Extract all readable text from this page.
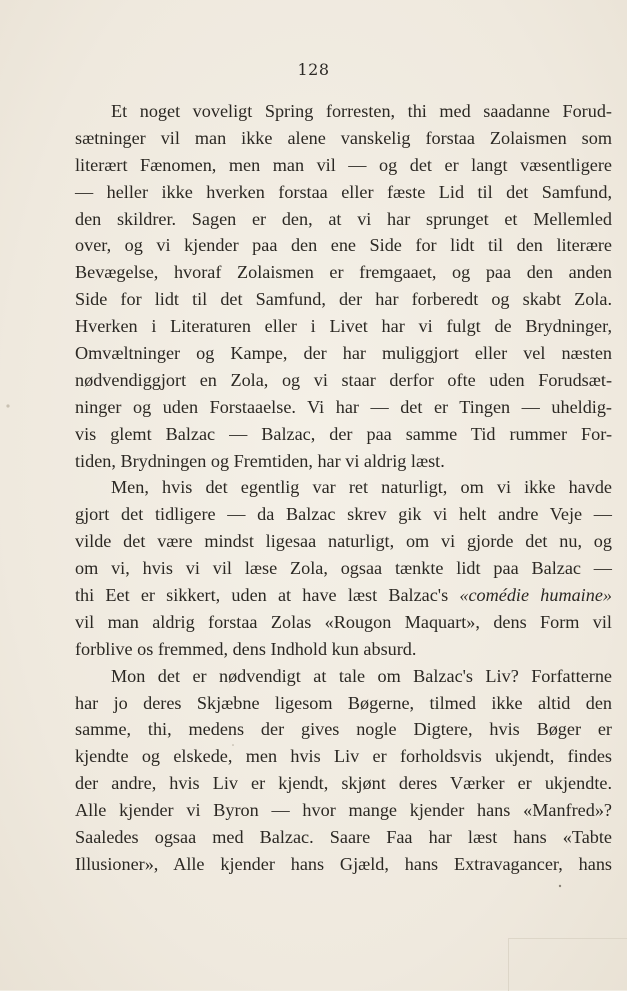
128

Et noget voveligt Spring forresten, thi med saadanne Forud-
sætninger vil man ikke alene vanskelig forstaa Zolaismen som
literært Fænomen, men man vil — og det er langt væsentligere
— heller ikke hverken forstaa eller fæste Lid til det Samfund,
den skildrer. Sagen er den, at vi har sprunget et Mellemled
over, og vi kjender paa den ene Side for lidt til den literære
Bevægelse, hvoraf Zolaismen er fremgaaet, og paa den anden
Side for lidt til det Samfund, der har forberedt og skabt Zola.
Hverken i Literaturen eller i Livet har vi fulgt de Brydninger,
Omvæltninger og Kampe, der har muliggjort eller vel næsten
nødvendiggjort en Zola, og vi staar derfor ofte uden Forudsæt-
ninger og uden Forstaaelse. Vi har — det er Tingen — uheldig-
vis glemt Balzac — Balzac, der paa samme Tid rummer For-
tiden, Brydningen og Fremtiden, har vi aldrig læst.

Men, hvis det egentlig var ret naturligt, om vi ikke havde
gjort det tidligere — da Balzac skrev gik vi helt andre Veje —
vilde det være mindst ligesaa naturligt, om vi gjorde det nu, og
om vi, hvis vi vil læse Zola, ogsaa tænkte lidt paa Balzac —
thi Eet er sikkert, uden at have læst Balzac's «comédie humaine»
vil man aldrig forstaa Zolas «Rougon Maquart», dens Form vil
forblive os fremmed, dens Indhold kun absurd.

Mon det er nødvendigt at tale om Balzac's Liv? Forfatterne
har jo deres Skjæbne ligesom Bøgerne, tilmed ikke altid den
samme, thi, medens der gives nogle Digtere, hvis Bøger er
kjendte og elskede, men hvis Liv er forholdsvis ukjendt, findes
der andre, hvis Liv er kjendt, skjønt deres Værker er ukjendte.
Alle kjender vi Byron — hvor mange kjender hans «Manfred»?
Saaledes ogsaa med Balzac. Saare Faa har læst hans «Tabte
Illusioner», Alle kjender hans Gjæld, hans Extravagancer, hans
